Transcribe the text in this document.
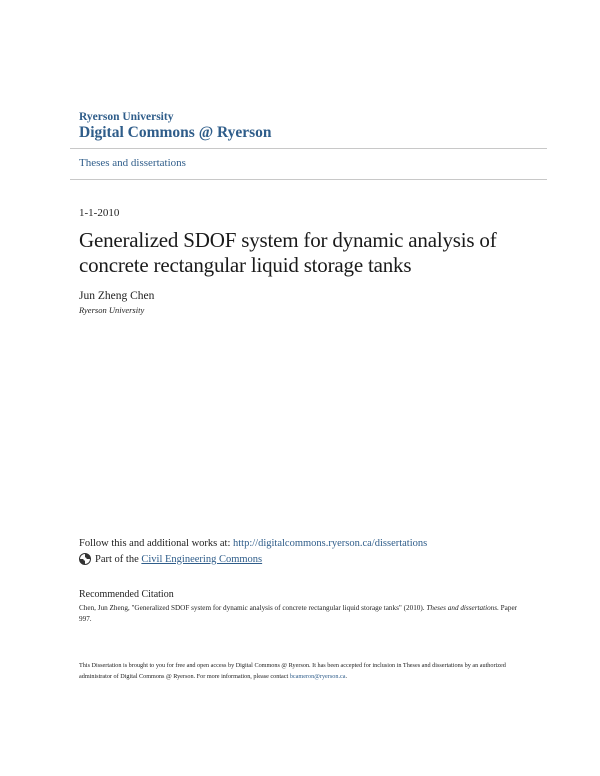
Ryerson University
Digital Commons @ Ryerson
Theses and dissertations
1-1-2010
Generalized SDOF system for dynamic analysis of concrete rectangular liquid storage tanks
Jun Zheng Chen
Ryerson University
Follow this and additional works at: http://digitalcommons.ryerson.ca/dissertations
Part of the
Civil Engineering Commons
Recommended Citation
Chen, Jun Zheng, "Generalized SDOF system for dynamic analysis of concrete rectangular liquid storage tanks" (2010). Theses and dissertations. Paper 997.
This Dissertation is brought to you for free and open access by Digital Commons @ Ryerson. It has been accepted for inclusion in Theses and dissertations by an authorized administrator of Digital Commons @ Ryerson. For more information, please contact bcameron@ryerson.ca.
